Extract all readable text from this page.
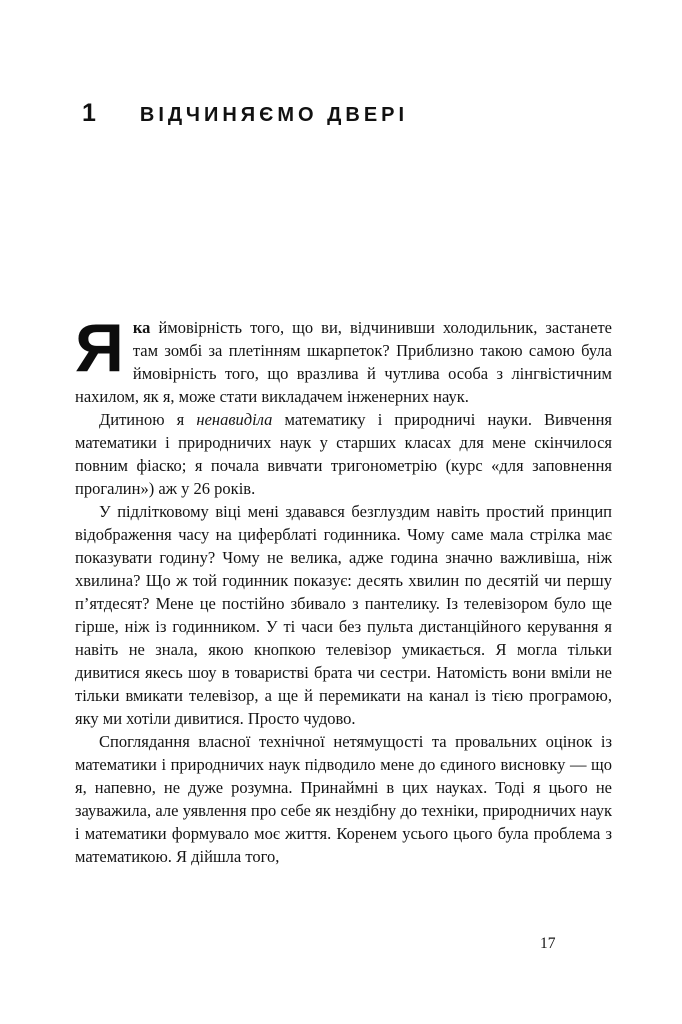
1 ВІДЧИНЯЄМО ДВЕРІ

Яка ймовірність того, що ви, відчинивши холодильник, застанете там зомбі за плетінням шкарпеток? Приблизно такою самою була ймовірність того, що вразлива й чутлива особа з лінгвістичним нахилом, як я, може стати викладачем інженерних наук.

Дитиною я ненавиділа математику і природничі науки. Вивчення математики і природничих наук у старших класах для мене скінчилося повним фіаско; я почала вивчати тригонометрію (курс «для заповнення прогалин») аж у 26 років.

У підлітковому віці мені здавався безглуздим навіть простий принцип відображення часу на циферблаті годинника. Чому саме мала стрілка має показувати годину? Чому не велика, адже година значно важливіша, ніж хвилина? Що ж той годинник показує: десять хвилин по десятій чи першу п’ятдесят? Мене це постійно збивало з пантелику. Із телевізором було ще гірше, ніж із годинником. У ті часи без пульта дистанційного керування я навіть не знала, якою кнопкою телевізор умикається. Я могла тільки дивитися якесь шоу в товаристві брата чи сестри. Натомість вони вміли не тільки вмикати телевізор, а ще й перемикати на канал із тією програмою, яку ми хотіли дивитися. Просто чудово.

Споглядання власної технічної нетямущості та провальних оцінок із математики і природничих наук підводило мене до єдиного висновку — що я, напевно, не дуже розумна. Принаймні в цих науках. Тоді я цього не зауважила, але уявлення про себе як нездібну до техніки, природничих наук і математики формувало моє життя. Коренем усього цього була проблема з математикою. Я дійшла того,

17
